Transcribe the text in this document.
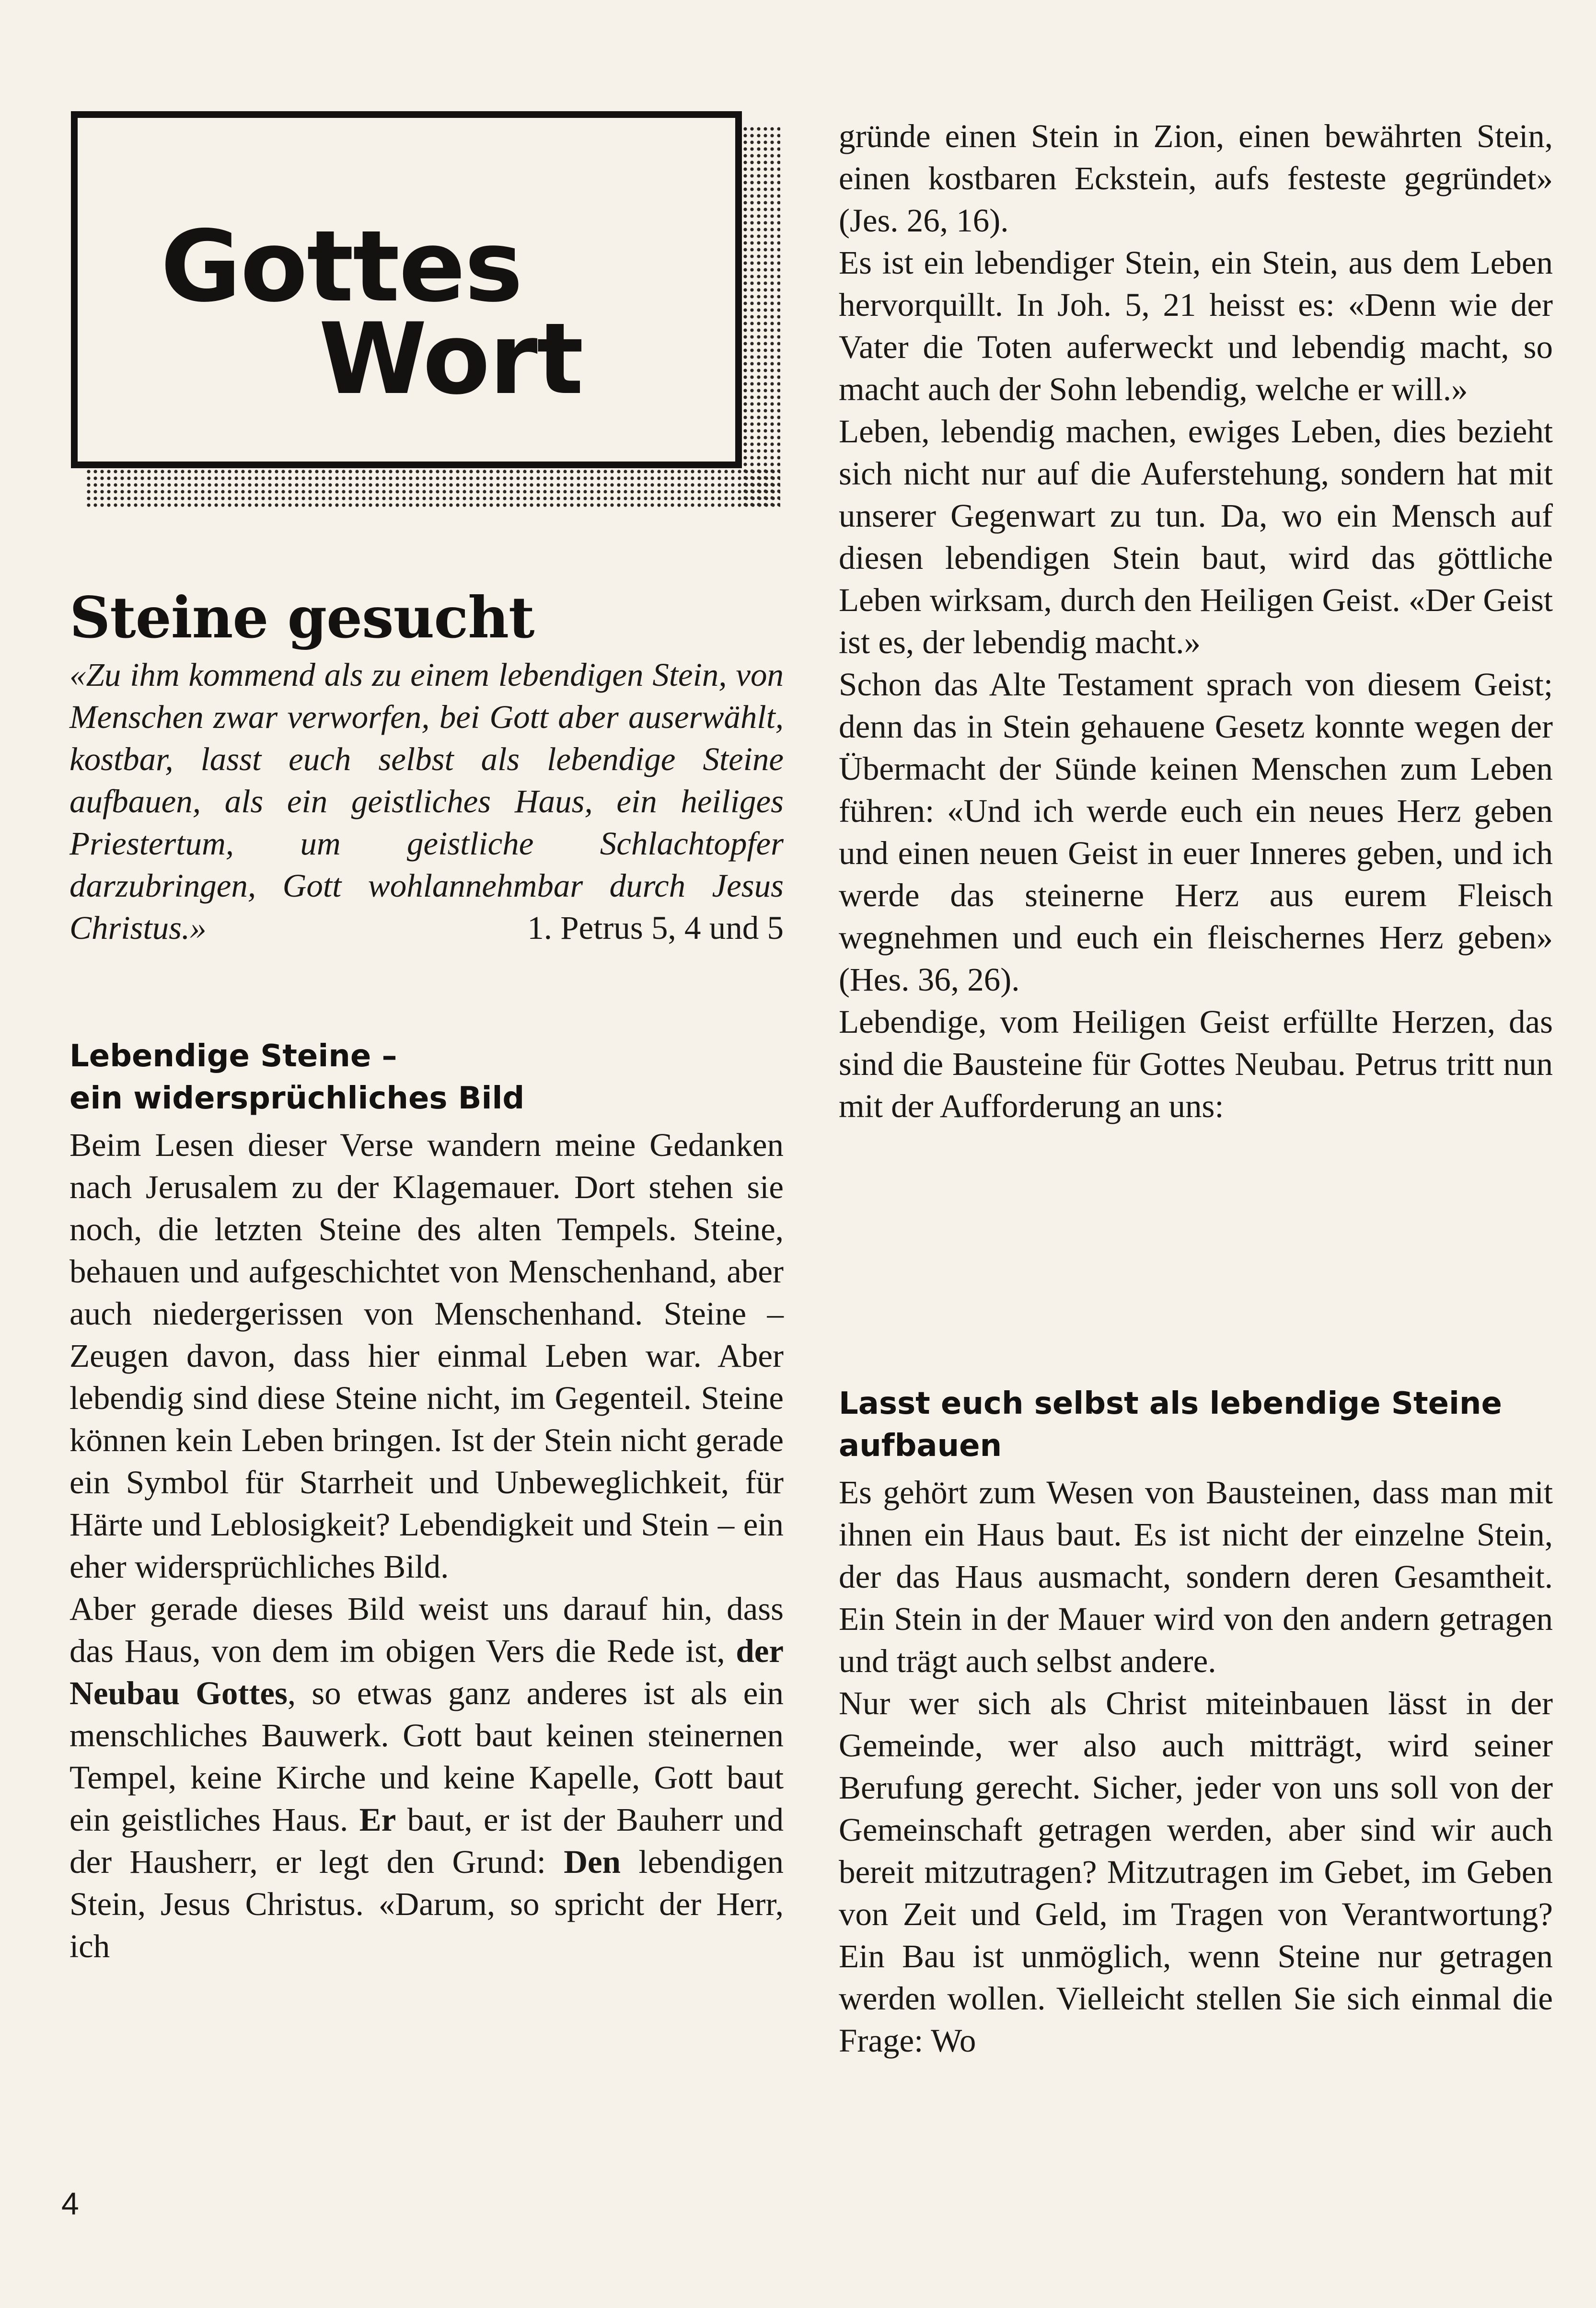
Gottes
Wort
Steine gesucht

«Zu ihm kommend als zu einem lebendigen Stein, von Menschen zwar verworfen, bei Gott aber auserwählt, kostbar, lasst euch selbst als lebendige Steine aufbauen, als ein geistliches Haus, ein heiliges Priestertum, um geistliche Schlachtopfer darzubringen, Gott wohlannehmbar durch Jesus Christus.»	1. Petrus 5, 4 und 5

Lebendige Steine –
ein widersprüchliches Bild
Beim Lesen dieser Verse wandern meine Gedanken nach Jerusalem zu der Klagemauer. Dort stehen sie noch, die letzten Steine des alten Tempels. Steine, behauen und aufgeschichtet von Menschenhand, aber auch niedergerissen von Menschenhand. Steine – Zeugen davon, dass hier einmal Leben war. Aber lebendig sind diese Steine nicht, im Gegenteil. Steine können kein Leben bringen. Ist der Stein nicht gerade ein Symbol für Starrheit und Unbeweglichkeit, für Härte und Leblosigkeit? Lebendigkeit und Stein – ein eher widersprüchliches Bild.
Aber gerade dieses Bild weist uns darauf hin, dass das Haus, von dem im obigen Vers die Rede ist, der Neubau Gottes, so etwas ganz anderes ist als ein menschliches Bauwerk. Gott baut keinen steinernen Tempel, keine Kirche und keine Kapelle, Gott baut ein geistliches Haus. Er baut, er ist der Bauherr und der Hausherr, er legt den Grund: Den lebendigen Stein, Jesus Christus. «Darum, so spricht der Herr, ich
gründe einen Stein in Zion, einen bewährten Stein, einen kostbaren Eckstein, aufs festeste gegründet» (Jes. 26, 16).
Es ist ein lebendiger Stein, ein Stein, aus dem Leben hervorquillt. In Joh. 5, 21 heisst es: «Denn wie der Vater die Toten auferweckt und lebendig macht, so macht auch der Sohn lebendig, welche er will.»
Leben, lebendig machen, ewiges Leben, dies bezieht sich nicht nur auf die Auferstehung, sondern hat mit unserer Gegenwart zu tun. Da, wo ein Mensch auf diesen lebendigen Stein baut, wird das göttliche Leben wirksam, durch den Heiligen Geist. «Der Geist ist es, der lebendig macht.»
Schon das Alte Testament sprach von diesem Geist; denn das in Stein gehauene Gesetz konnte wegen der Übermacht der Sünde keinen Menschen zum Leben führen: «Und ich werde euch ein neues Herz geben und einen neuen Geist in euer Inneres geben, und ich werde das steinerne Herz aus eurem Fleisch wegnehmen und euch ein fleischernes Herz geben» (Hes. 36, 26).
Lebendige, vom Heiligen Geist erfüllte Herzen, das sind die Bausteine für Gottes Neubau. Petrus tritt nun mit der Aufforderung an uns:
Lasst euch selbst als lebendige Steine aufbauen
Es gehört zum Wesen von Bausteinen, dass man mit ihnen ein Haus baut. Es ist nicht der einzelne Stein, der das Haus ausmacht, sondern deren Gesamtheit. Ein Stein in der Mauer wird von den andern getragen und trägt auch selbst andere.
Nur wer sich als Christ miteinbauen lässt in der Gemeinde, wer also auch mitträgt, wird seiner Berufung gerecht. Sicher, jeder von uns soll von der Gemeinschaft getragen werden, aber sind wir auch bereit mitzutragen? Mitzutragen im Gebet, im Geben von Zeit und Geld, im Tragen von Verantwortung? Ein Bau ist unmöglich, wenn Steine nur getragen werden wollen. Vielleicht stellen Sie sich einmal die Frage: Wo
4
